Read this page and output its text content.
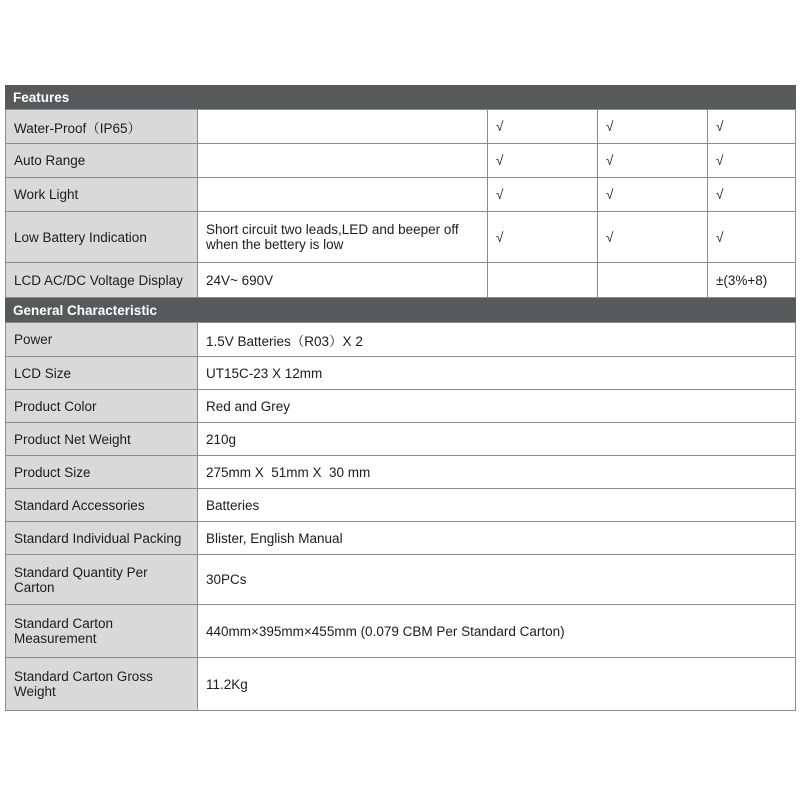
Features
Water-Proof（IP65）		√	√	√
Auto Range		√	√	√
Work Light		√	√	√
Low Battery Indication	Short circuit two leads,LED and beeper off when the bettery is low	√	√	√
LCD AC/DC Voltage Display	24V~ 690V			±(3%+8)
General Characteristic
Power	1.5V Batteries（R03）X 2
LCD Size	UT15C-23 X 12mm
Product Color	Red and Grey
Product Net Weight	210g
Product Size	275mm X  51mm X  30 mm
Standard Accessories	Batteries
Standard Individual Packing	Blister, English Manual
Standard Quantity Per Carton	30PCs
Standard Carton Measurement	440mm×395mm×455mm (0.079 CBM Per Standard Carton)
Standard Carton Gross Weight	11.2Kg
